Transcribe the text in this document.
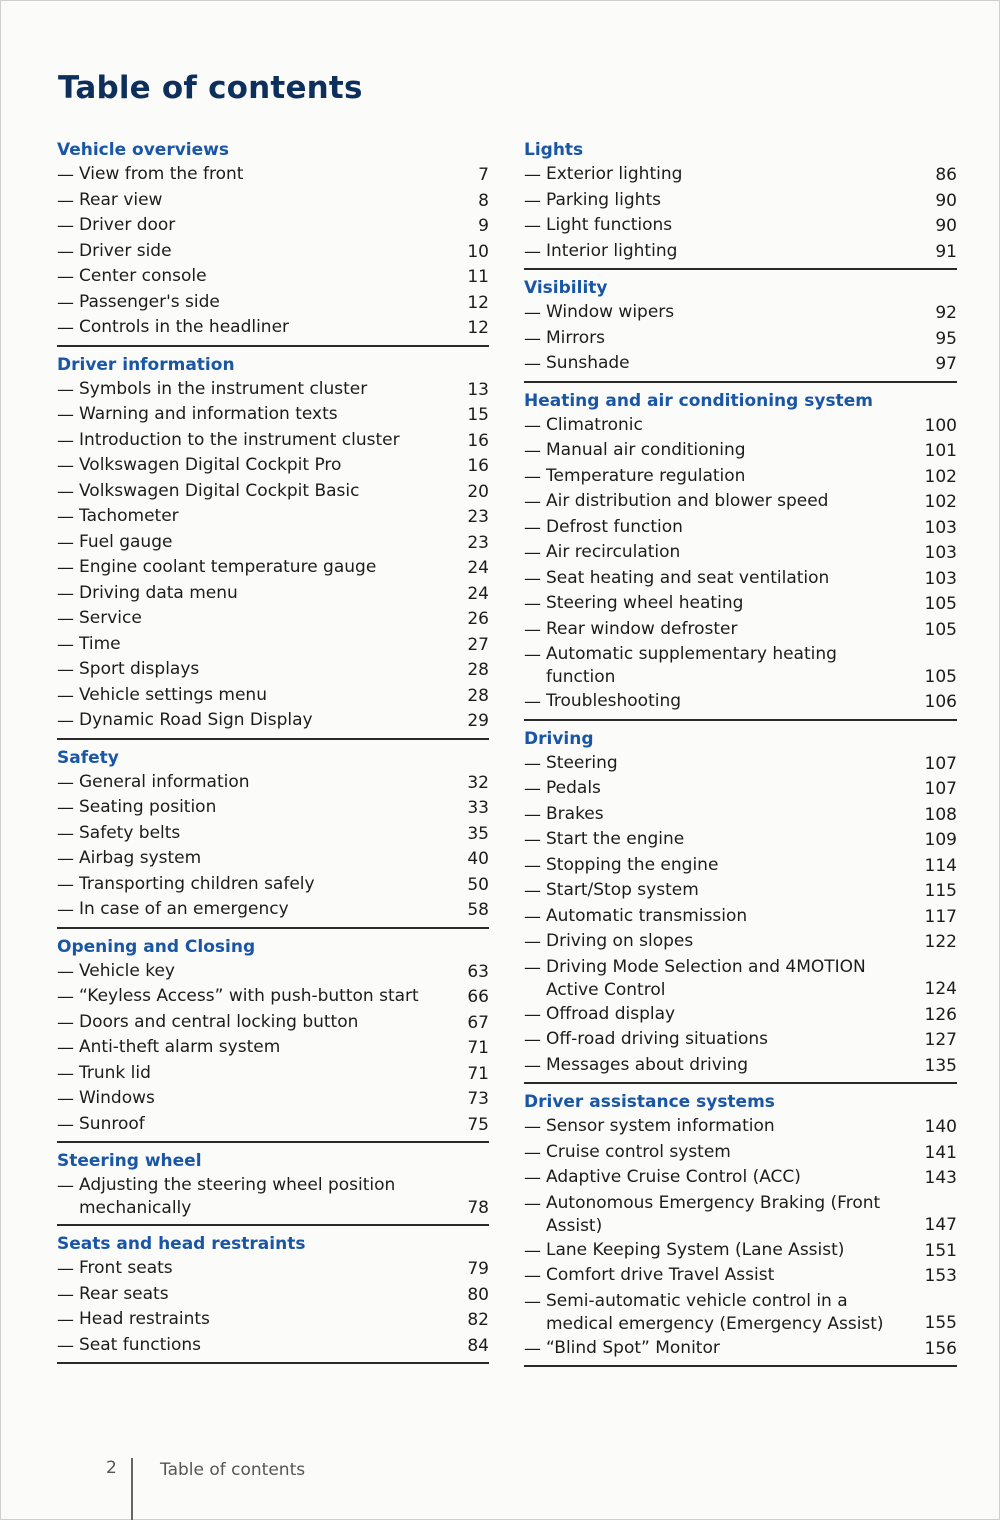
Table of contents
Vehicle overviews
— View from the front	7
— Rear view	8
— Driver door	9
— Driver side	10
— Center console	11
— Passenger's side	12
— Controls in the headliner	12
Driver information
— Symbols in the instrument cluster	13
— Warning and information texts	15
— Introduction to the instrument cluster	16
— Volkswagen Digital Cockpit Pro	16
— Volkswagen Digital Cockpit Basic	20
— Tachometer	23
— Fuel gauge	23
— Engine coolant temperature gauge	24
— Driving data menu	24
— Service	26
— Time	27
— Sport displays	28
— Vehicle settings menu	28
— Dynamic Road Sign Display	29
Safety
— General information	32
— Seating position	33
— Safety belts	35
— Airbag system	40
— Transporting children safely	50
— In case of an emergency	58
Opening and Closing
— Vehicle key	63
— “Keyless Access” with push-button start	66
— Doors and central locking button	67
— Anti-theft alarm system	71
— Trunk lid	71
— Windows	73
— Sunroof	75
Steering wheel
— Adjusting the steering wheel position mechanically	78
Seats and head restraints
— Front seats	79
— Rear seats	80
— Head restraints	82
— Seat functions	84
Lights
— Exterior lighting	86
— Parking lights	90
— Light functions	90
— Interior lighting	91
Visibility
— Window wipers	92
— Mirrors	95
— Sunshade	97
Heating and air conditioning system
— Climatronic	100
— Manual air conditioning	101
— Temperature regulation	102
— Air distribution and blower speed	102
— Defrost function	103
— Air recirculation	103
— Seat heating and seat ventilation	103
— Steering wheel heating	105
— Rear window defroster	105
— Automatic supplementary heating function	105
— Troubleshooting	106
Driving
— Steering	107
— Pedals	107
— Brakes	108
— Start the engine	109
— Stopping the engine	114
— Start/Stop system	115
— Automatic transmission	117
— Driving on slopes	122
— Driving Mode Selection and 4MOTION Active Control	124
— Offroad display	126
— Off-road driving situations	127
— Messages about driving	135
Driver assistance systems
— Sensor system information	140
— Cruise control system	141
— Adaptive Cruise Control (ACC)	143
— Autonomous Emergency Braking (Front Assist)	147
— Lane Keeping System (Lane Assist)	151
— Comfort drive Travel Assist	153
— Semi-automatic vehicle control in a medical emergency (Emergency Assist)	155
— “Blind Spot” Monitor	156
2	Table of contents
